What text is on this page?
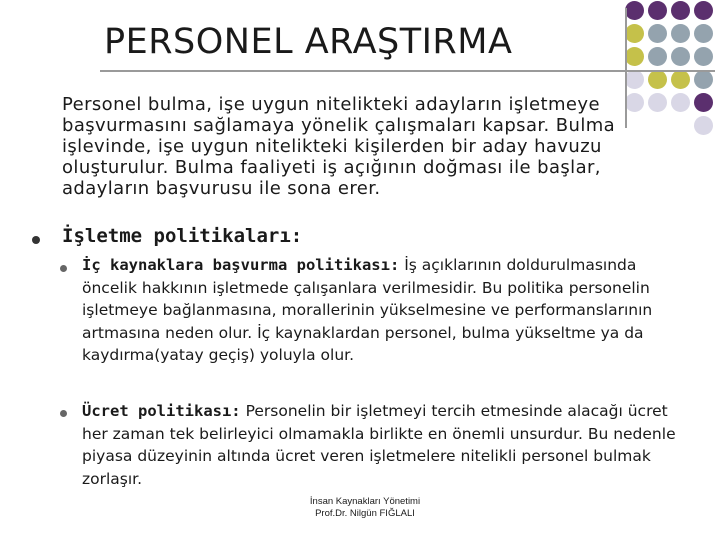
PERSONEL ARAŞTIRMA
Personel bulma, işe uygun nitelikteki adayların işletmeye başvurmasını sağlamaya yönelik çalışmaları kapsar. Bulma işlevinde, işe uygun nitelikteki kişilerden bir aday havuzu oluşturulur. Bulma faaliyeti iş açığının doğması ile başlar, adayların başvurusu ile sona erer.
İşletme politikaları:
İç kaynaklara başvurma politikası: İş açıklarının doldurulmasında öncelik hakkının işletmede çalışanlara verilmesidir. Bu politika personelin işletmeye bağlanmasına, morallerinin yükselmesine ve performanslarının artmasına neden olur. İç kaynaklardan personel, bulma yükseltme ya da kaydırma(yatay geçiş) yoluyla olur.
Ücret politikası: Personelin bir işletmeyi tercih etmesinde alacağı ücret her zaman tek belirleyici olmamakla birlikte en önemli unsurdur. Bu nedenle piyasa düzeyinin altında ücret veren işletmelere nitelikli personel bulmak zorlaşır.
İnsan Kaynakları Yönetimi
Prof.Dr. Nilgün FIĞLALI
